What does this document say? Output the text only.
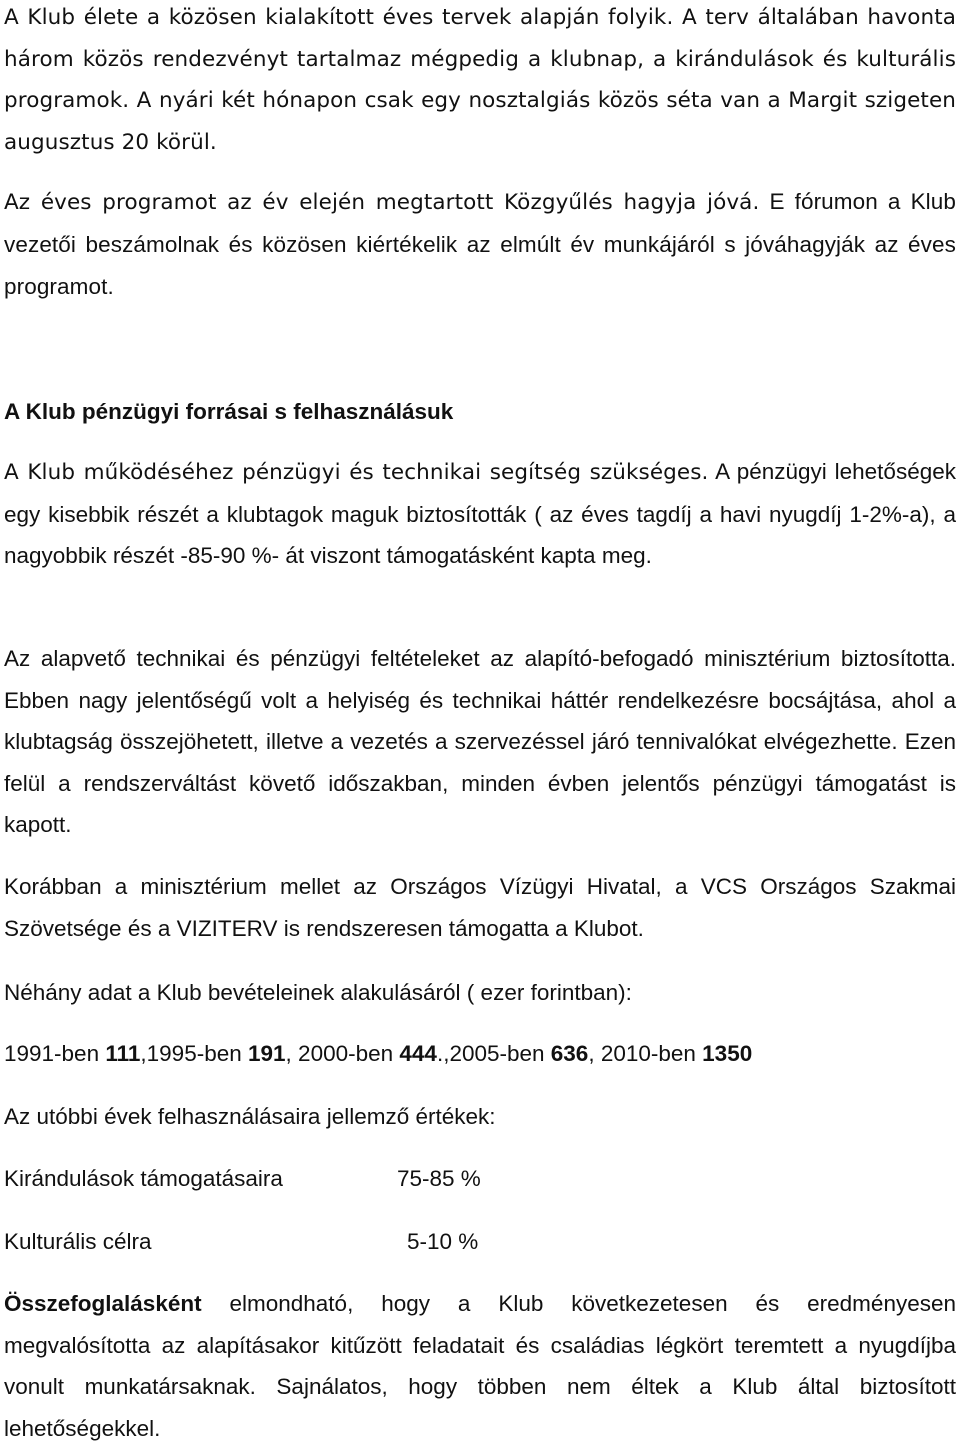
A Klub élete a közösen kialakított éves tervek alapján folyik. A terv általában havonta három közös rendezvényt tartalmaz mégpedig a klubnap, a kirándulások és kulturális programok. A nyári két hónapon csak egy nosztalgiás közös séta van a Margit szigeten augusztus 20 körül.

Az éves programot az év elején megtartott Közgyűlés hagyja jóvá. E fórumon a Klub vezetői beszámolnak és közösen kiértékelik az elmúlt év munkájáról s jóváhagyják az éves programot.

A Klub pénzügyi forrásai s felhasználásuk

A Klub működéséhez pénzügyi és technikai segítség szükséges. A pénzügyi lehetőségek egy kisebbik részét a klubtagok maguk biztosították ( az éves tagdíj a havi nyugdíj 1-2%-a), a nagyobbik részét -85-90 %- át viszont támogatásként kapta meg.

Az alapvető technikai és pénzügyi feltételeket az alapító-befogadó minisztérium biztosította. Ebben nagy jelentőségű volt a helyiség és technikai háttér rendelkezésre bocsájtása, ahol a klubtagság összejöhetett, illetve a vezetés a szervezéssel járó tennivalókat elvégezhette. Ezen felül a rendszerváltást követő időszakban, minden évben jelentős pénzügyi támogatást is kapott.

Korábban a minisztérium mellet az Országos Vízügyi Hivatal, a VCS Országos Szakmai Szövetsége és a VIZITERV is rendszeresen támogatta a Klubot.

Néhány adat a Klub bevételeinek alakulásáról ( ezer forintban):

1991-ben 111,1995-ben 191, 2000-ben 444.,2005-ben 636, 2010-ben 1350

Az utóbbi évek felhasználásaira jellemző értékek:

Kirándulások támogatásaira	75-85 %
Kulturális célra	5-10 %

Összefoglalásként elmondható, hogy a Klub következetesen és eredményesen megvalósította az alapításakor kitűzött feladatait és családias légkört teremtett a nyugdíjba vonult munkatársaknak. Sajnálatos, hogy többen nem éltek a Klub által biztosított lehetőségekkel.
